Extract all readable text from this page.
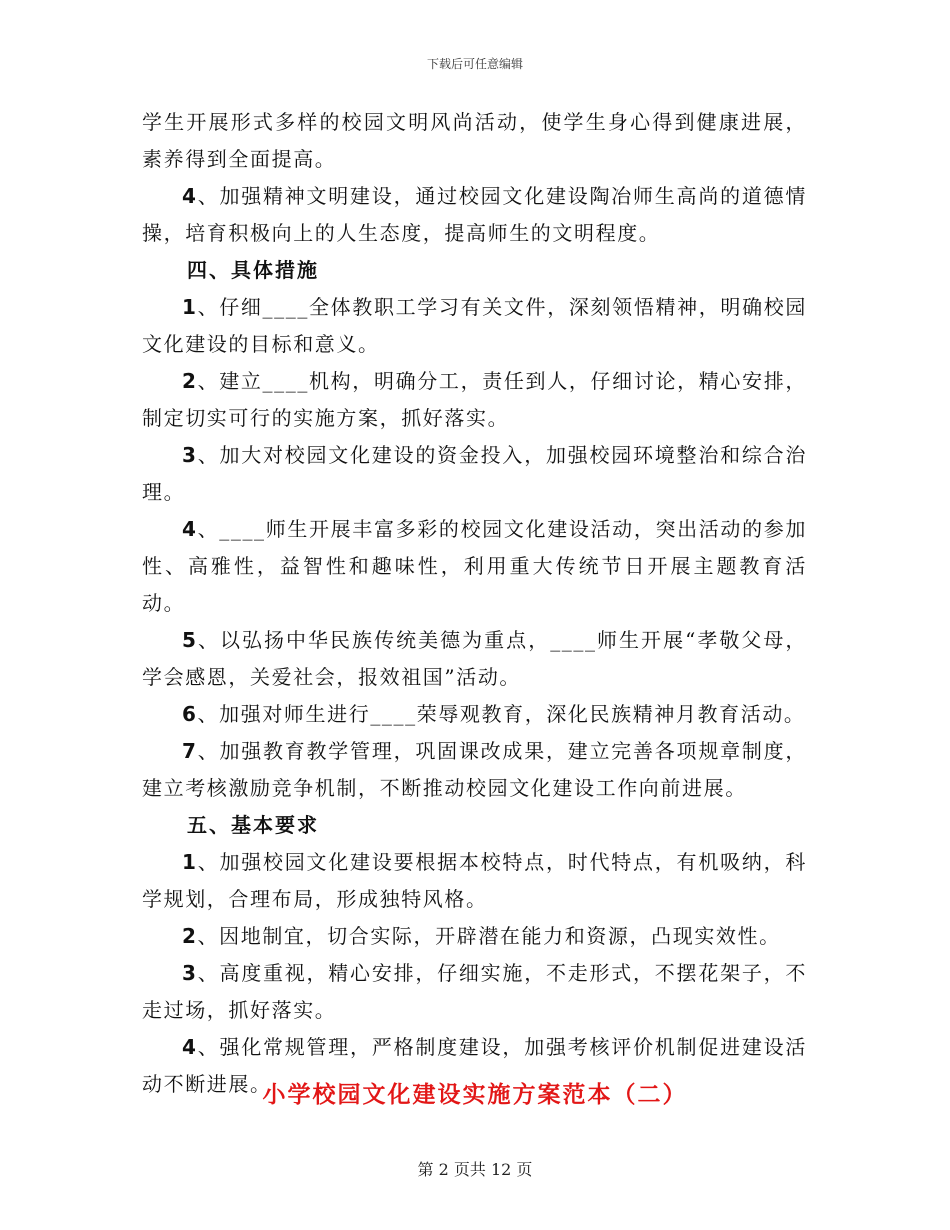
下载后可任意编辑

学生开展形式多样的校园文明风尚活动，使学生身心得到健康进展，素养得到全面提高。

4、加强精神文明建设，通过校园文化建设陶冶师生高尚的道德情操，培育积极向上的人生态度，提高师生的文明程度。

四、具体措施

1、仔细____全体教职工学习有关文件，深刻领悟精神，明确校园文化建设的目标和意义。

2、建立____机构，明确分工，责任到人，仔细讨论，精心安排，制定切实可行的实施方案，抓好落实。

3、加大对校园文化建设的资金投入，加强校园环境整治和综合治理。

4、____师生开展丰富多彩的校园文化建设活动，突出活动的参加性、高雅性，益智性和趣味性，利用重大传统节日开展主题教育活动。

5、以弘扬中华民族传统美德为重点，____师生开展“孝敬父母，学会感恩，关爱社会，报效祖国”活动。

6、加强对师生进行____荣辱观教育，深化民族精神月教育活动。

7、加强教育教学管理，巩固课改成果，建立完善各项规章制度，建立考核激励竞争机制，不断推动校园文化建设工作向前进展。

五、基本要求

1、加强校园文化建设要根据本校特点，时代特点，有机吸纳，科学规划，合理布局，形成独特风格。

2、因地制宜，切合实际，开辟潜在能力和资源，凸现实效性。

3、高度重视，精心安排，仔细实施，不走形式，不摆花架子，不走过场，抓好落实。

4、强化常规管理，严格制度建设，加强考核评价机制促进建设活动不断进展。

小学校园文化建设实施方案范本（二）
第 2 页共 12 页
